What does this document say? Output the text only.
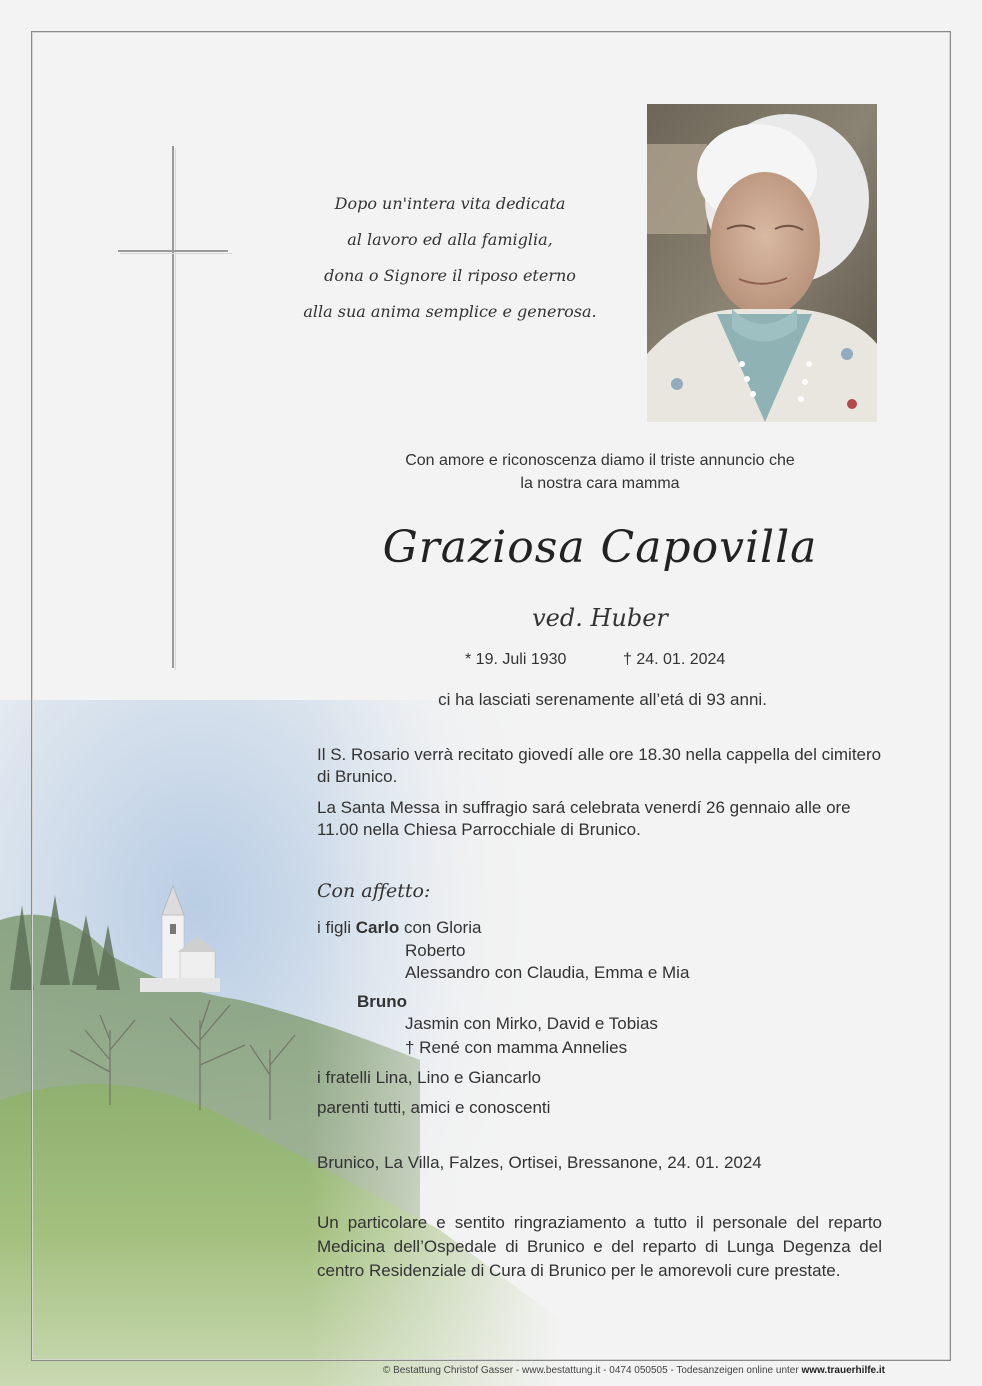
Dopo un'intera vita dedicata
al lavoro ed alla famiglia,
dona o Signore il riposo eterno
alla sua anima semplice e generosa.
Con amore e riconoscenza diamo il triste annuncio che
la nostra cara mamma
Graziosa Capovilla
ved. Huber
* 19. Juli 1930	† 24. 01. 2024
ci ha lasciati serenamente all’etá di 93 anni.
Il S. Rosario verrà recitato giovedí alle ore 18.30 nella cappella del cimitero di Brunico.
La Santa Messa in suffragio sará celebrata venerdí 26 gennaio alle ore 11.00 nella Chiesa Parrocchiale di Brunico.
Con affetto:
i figli Carlo con Gloria
Roberto
Alessandro con Claudia, Emma e Mia
Bruno
Jasmin con Mirko, David e Tobias
† René con mamma Annelies
i fratelli Lina, Lino e Giancarlo
parenti tutti, amici e conoscenti
Brunico, La Villa, Falzes, Ortisei, Bressanone, 24. 01. 2024
Un particolare e sentito ringraziamento a tutto il personale del reparto Medicina dell’Ospedale di Brunico e del reparto di Lunga Degenza del centro Residenziale di Cura di Brunico per le amorevoli cure prestate.
© Bestattung Christof Gasser - www.bestattung.it - 0474 050505 - Todesanzeigen online unter www.trauerhilfe.it
